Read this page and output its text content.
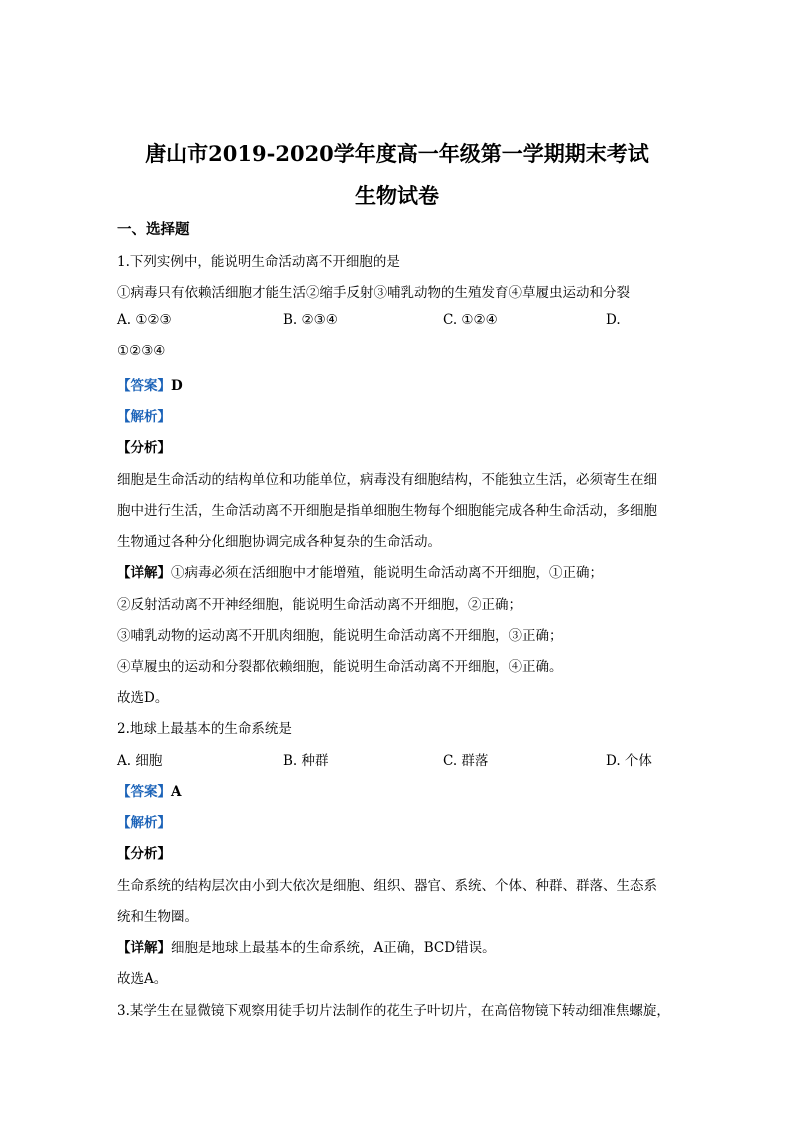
唐山市2019-2020学年度高一年级第一学期期末考试
生物试卷
一、选择题
1.下列实例中，能说明生命活动离不开细胞的是
①病毒只有依赖活细胞才能生活②缩手反射③哺乳动物的生殖发育④草履虫运动和分裂
A. ①②③	B. ②③④	C. ①②④	D.
①②③④
【答案】D
【解析】
【分析】
细胞是生命活动的结构单位和功能单位，病毒没有细胞结构，不能独立生活，必须寄生在细
胞中进行生活，生命活动离不开细胞是指单细胞生物每个细胞能完成各种生命活动，多细胞
生物通过各种分化细胞协调完成各种复杂的生命活动。
【详解】①病毒必须在活细胞中才能增殖，能说明生命活动离不开细胞，①正确；
②反射活动离不开神经细胞，能说明生命活动离不开细胞，②正确；
③哺乳动物的运动离不开肌肉细胞，能说明生命活动离不开细胞，③正确；
④草履虫的运动和分裂都依赖细胞，能说明生命活动离不开细胞，④正确。
故选D。
2.地球上最基本的生命系统是
A. 细胞	B. 种群	C. 群落	D. 个体
【答案】A
【解析】
【分析】
生命系统的结构层次由小到大依次是细胞、组织、器官、系统、个体、种群、群落、生态系
统和生物圈。
【详解】细胞是地球上最基本的生命系统，A正确，BCD错误。
故选A。
3.某学生在显微镜下观察用徒手切片法制作的花生子叶切片，在高倍物镜下转动细准焦螺旋，
